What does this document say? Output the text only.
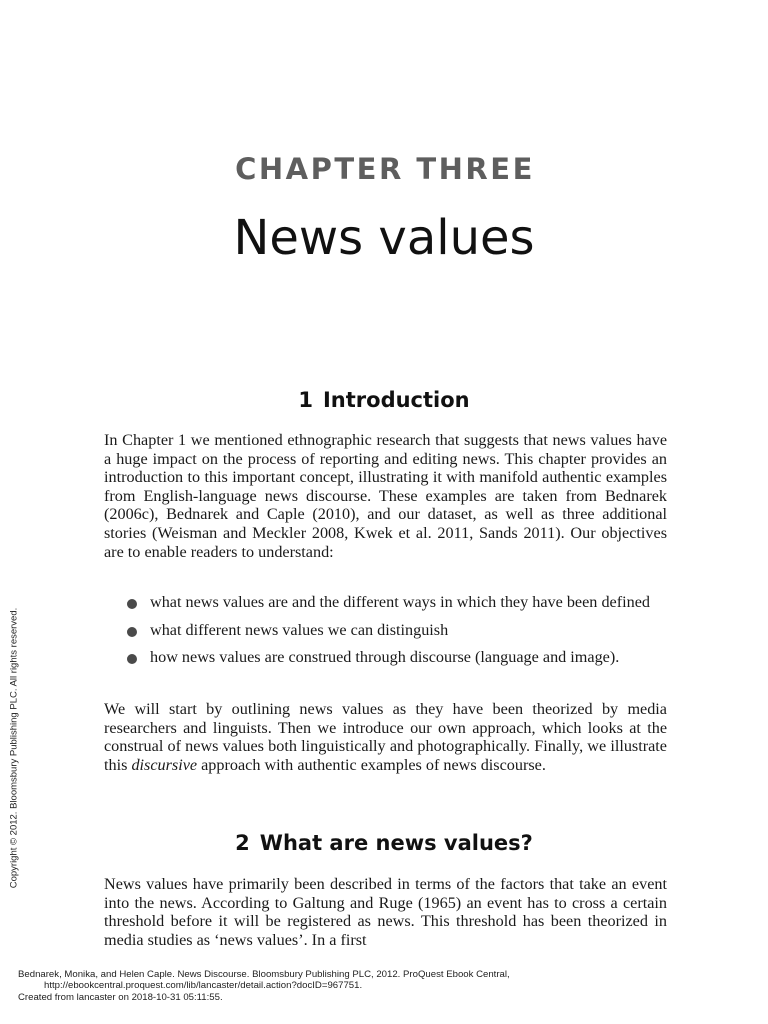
CHAPTER THREE
News values
1 Introduction

In Chapter 1 we mentioned ethnographic research that suggests that news values have a huge impact on the process of reporting and editing news. This chapter provides an introduction to this important concept, illustrating it with manifold authentic examples from English-language news discourse. These examples are taken from Bednarek (2006c), Bednarek and Caple (2010), and our dataset, as well as three additional stories (Weisman and Meckler 2008, Kwek et al. 2011, Sands 2011). Our objectives are to enable readers to understand:

what news values are and the different ways in which they have been defined
what different news values we can distinguish
how news values are construed through discourse (language and image).

We will start by outlining news values as they have been theorized by media researchers and linguists. Then we introduce our own approach, which looks at the construal of news values both linguistically and photographically. Finally, we illustrate this discursive approach with authentic examples of news discourse.

2 What are news values?

News values have primarily been described in terms of the factors that take an event into the news. According to Galtung and Ruge (1965) an event has to cross a certain threshold before it will be registered as news. This threshold has been theorized in media studies as ‘news values’. In a first

Copyright © 2012. Bloomsbury Publishing PLC. All rights reserved.
Bednarek, Monika, and Helen Caple. News Discourse. Bloomsbury Publishing PLC, 2012. ProQuest Ebook Central,
http://ebookcentral.proquest.com/lib/lancaster/detail.action?docID=967751.
Created from lancaster on 2018-10-31 05:11:55.
